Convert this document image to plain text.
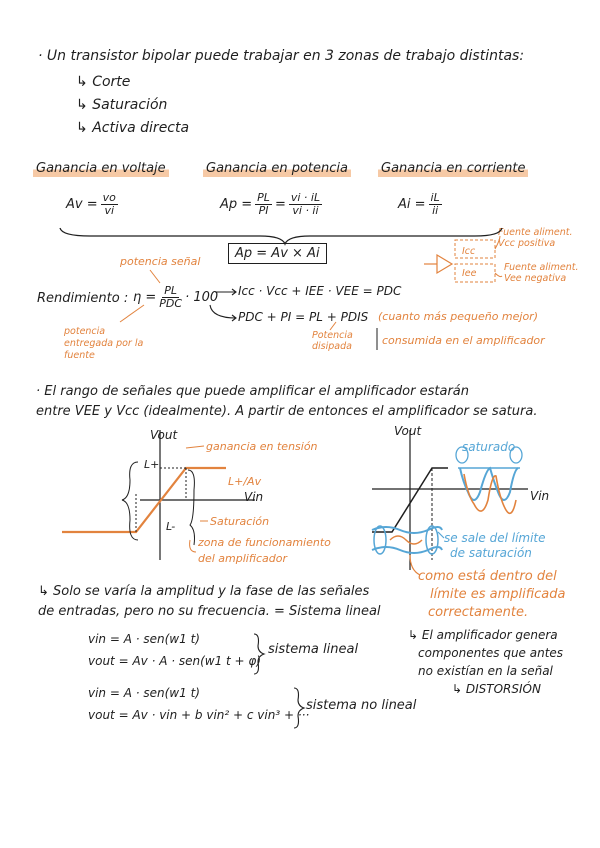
· Un transistor bipolar puede trabajar en 3 zonas de trabajo distintas:
↳ Corte
↳ Saturación
↳ Activa directa
Ganancia en voltaje	Ganancia en potencia	Ganancia en corriente
$Av = \frac{vo}{vi}$	$Ap = \frac{PL}{PI} = \frac{vi \cdot iL}{vi \cdot ii}$	$Ai = \frac{iL}{ii}$
Ap = Av × Ai
potencia señal
Fuente aliment. Vcc positiva
Fuente aliment. Vee negativa
Icc
Iee
Rendimiento : $\eta = \frac{PL}{\text{PDC}} \cdot 100$ Icc · Vcc + IEE · VEE = PDC
PDC + PI = PL + PDIS (cuanto más pequeño mejor)
potencia entregada por la fuente
Potencia disipada	consumida en el amplificador
· El rango de señales que puede amplificar el amplificador estarán
entre VEE y Vcc (idealmente). A partir de entonces el amplificador se satura.
Vout
Vin
L+
L-
L+/Av
ganancia en tensión
Saturación
zona de funcionamiento
del amplificador
Vout
Vin
saturado
se sale del límite
de saturación
como está dentro del
límite es amplificada
correctamente.
↳ Solo se varía la amplitud y la fase de las señales
de entradas, pero no su frecuencia. = Sistema lineal
vin = A · sen(w1 t)
vout = Av · A · sen(w1 t + φ)
sistema lineal
↳ El amplificador genera
componentes que antes
no existían en la señal
↳ DISTORSIÓN
vin = A · sen(w1 t)
vout = Av · vin + b vin² + c vin³ + ···
sistema no lineal
